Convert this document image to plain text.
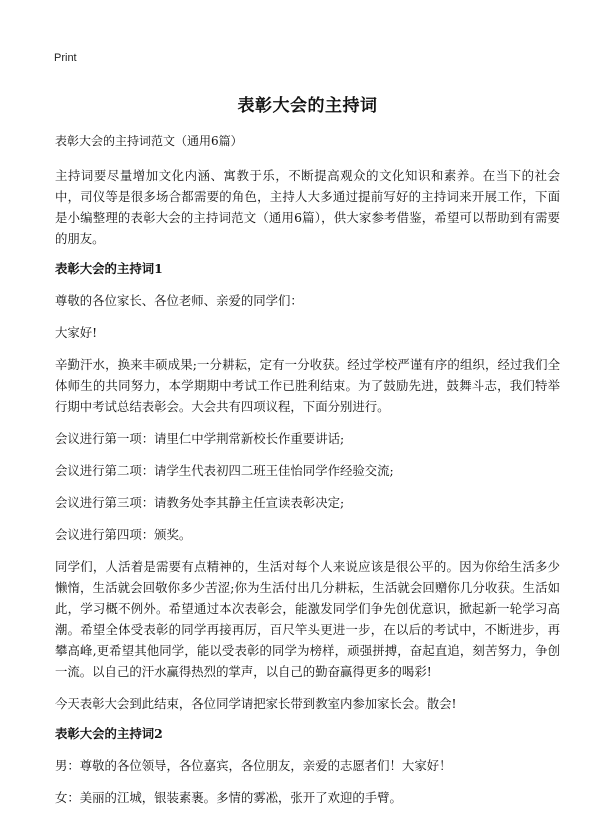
Print
表彰大会的主持词
表彰大会的主持词范文（通用6篇）
主持词要尽量增加文化内涵、寓教于乐，不断提高观众的文化知识和素养。在当下的社会中，司仪等是很多场合都需要的角色，主持人大多通过提前写好的主持词来开展工作，下面是小编整理的表彰大会的主持词范文（通用6篇），供大家参考借鉴，希望可以帮助到有需要的朋友。
表彰大会的主持词1
尊敬的各位家长、各位老师、亲爱的同学们：
大家好!
辛勤汗水，换来丰硕成果;一分耕耘，定有一分收获。经过学校严谨有序的组织，经过我们全体师生的共同努力，本学期期中考试工作已胜利结束。为了鼓励先进，鼓舞斗志，我们特举行期中考试总结表彰会。大会共有四项议程，下面分别进行。
会议进行第一项：请里仁中学荆常新校长作重要讲话;
会议进行第二项：请学生代表初四二班王佳怡同学作经验交流;
会议进行第三项：请教务处李其静主任宣读表彰决定;
会议进行第四项：颁奖。
同学们，人活着是需要有点精神的，生活对每个人来说应该是很公平的。因为你给生活多少懒惰，生活就会回敬你多少苦涩;你为生活付出几分耕耘，生活就会回赠你几分收获。生活如此，学习概不例外。希望通过本次表彰会，能激发同学们争先创优意识，掀起新一轮学习高潮。希望全体受表彰的同学再接再厉，百尺竿头更进一步，在以后的考试中，不断进步，再攀高峰,更希望其他同学，能以受表彰的同学为榜样，顽强拼搏，奋起直追，刻苦努力，争创一流。以自己的汗水赢得热烈的掌声，以自己的勤奋赢得更多的喝彩!
今天表彰大会到此结束，各位同学请把家长带到教室内参加家长会。散会!
表彰大会的主持词2
男：尊敬的各位领导，各位嘉宾，各位朋友，亲爱的志愿者们！大家好！
女：美丽的江城，银装素裹。多情的雾凇，张开了欢迎的手臂。
